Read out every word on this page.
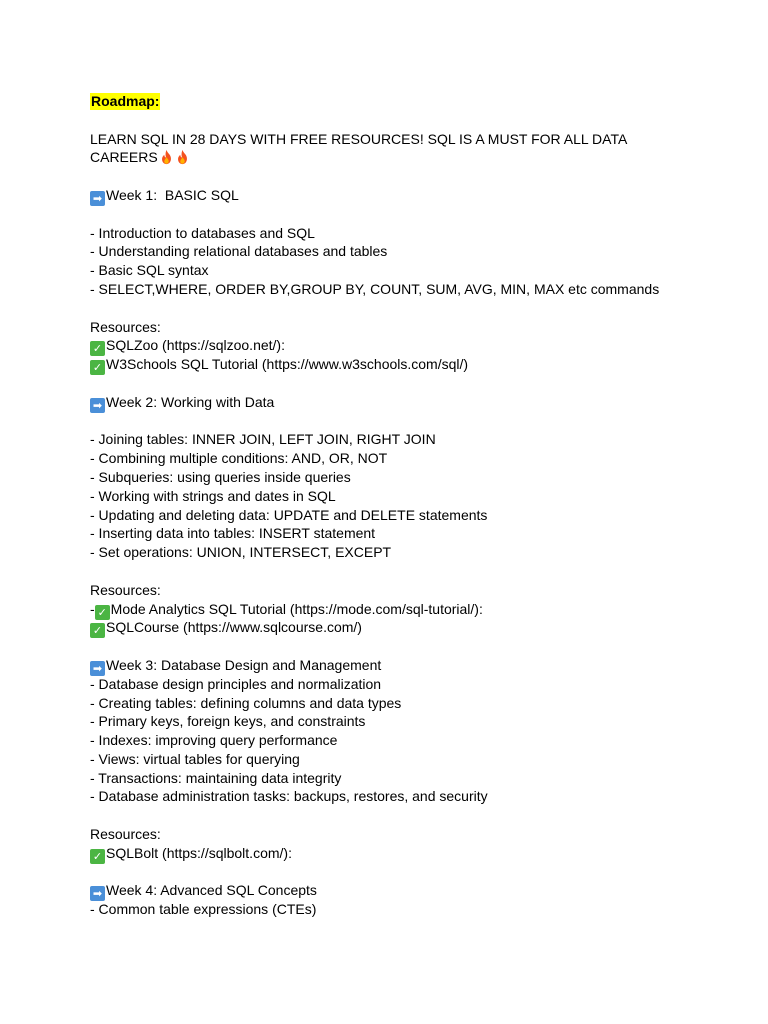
Roadmap:
LEARN SQL IN 28 DAYS WITH FREE RESOURCES! SQL IS A MUST FOR ALL DATA CAREERS
➡ Week 1:  BASIC SQL
- Introduction to databases and SQL
- Understanding relational databases and tables
- Basic SQL syntax
- SELECT,WHERE, ORDER BY,GROUP BY, COUNT, SUM, AVG, MIN, MAX etc commands
Resources:
✓ SQLZoo (https://sqlzoo.net/):
✓ W3Schools SQL Tutorial (https://www.w3schools.com/sql/)
➡ Week 2: Working with Data
- Joining tables: INNER JOIN, LEFT JOIN, RIGHT JOIN
- Combining multiple conditions: AND, OR, NOT
- Subqueries: using queries inside queries
- Working with strings and dates in SQL
- Updating and deleting data: UPDATE and DELETE statements
- Inserting data into tables: INSERT statement
- Set operations: UNION, INTERSECT, EXCEPT
Resources:
- ✓ Mode Analytics SQL Tutorial (https://mode.com/sql-tutorial/):
✓ SQLCourse (https://www.sqlcourse.com/)
➡ Week 3: Database Design and Management
- Database design principles and normalization
- Creating tables: defining columns and data types
- Primary keys, foreign keys, and constraints
- Indexes: improving query performance
- Views: virtual tables for querying
- Transactions: maintaining data integrity
- Database administration tasks: backups, restores, and security
Resources:
✓ SQLBolt (https://sqlbolt.com/):
➡ Week 4: Advanced SQL Concepts
- Common table expressions (CTEs)
